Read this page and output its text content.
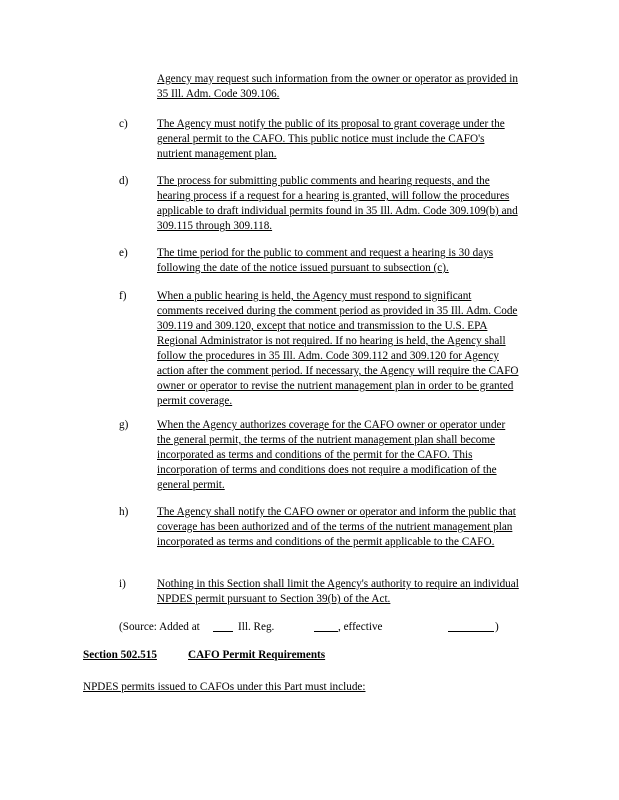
Agency may request such information from the owner or operator as provided in 35 Ill. Adm. Code 309.106.
c)	The Agency must notify the public of its proposal to grant coverage under the general permit to the CAFO. This public notice must include the CAFO's nutrient management plan.
d)	The process for submitting public comments and hearing requests, and the hearing process if a request for a hearing is granted, will follow the procedures applicable to draft individual permits found in 35 Ill. Adm. Code 309.109(b) and 309.115 through 309.118.
e)	The time period for the public to comment and request a hearing is 30 days following the date of the notice issued pursuant to subsection (c).
f)	When a public hearing is held, the Agency must respond to significant comments received during the comment period as provided in 35 Ill. Adm. Code 309.119 and 309.120, except that notice and transmission to the U.S. EPA Regional Administrator is not required. If no hearing is held, the Agency shall follow the procedures in 35 Ill. Adm. Code 309.112 and 309.120 for Agency action after the comment period. If necessary, the Agency will require the CAFO owner or operator to revise the nutrient management plan in order to be granted permit coverage.
g)	When the Agency authorizes coverage for the CAFO owner or operator under the general permit, the terms of the nutrient management plan shall become incorporated as terms and conditions of the permit for the CAFO. This incorporation of terms and conditions does not require a modification of the general permit.
h)	The Agency shall notify the CAFO owner or operator and inform the public that coverage has been authorized and of the terms of the nutrient management plan incorporated as terms and conditions of the permit applicable to the CAFO.
i)	Nothing in this Section shall limit the Agency's authority to require an individual NPDES permit pursuant to Section 39(b) of the Act.
(Source: Added at	Ill. Reg.	, effective	)
Section 502.515	CAFO Permit Requirements
NPDES permits issued to CAFOs under this Part must include:
